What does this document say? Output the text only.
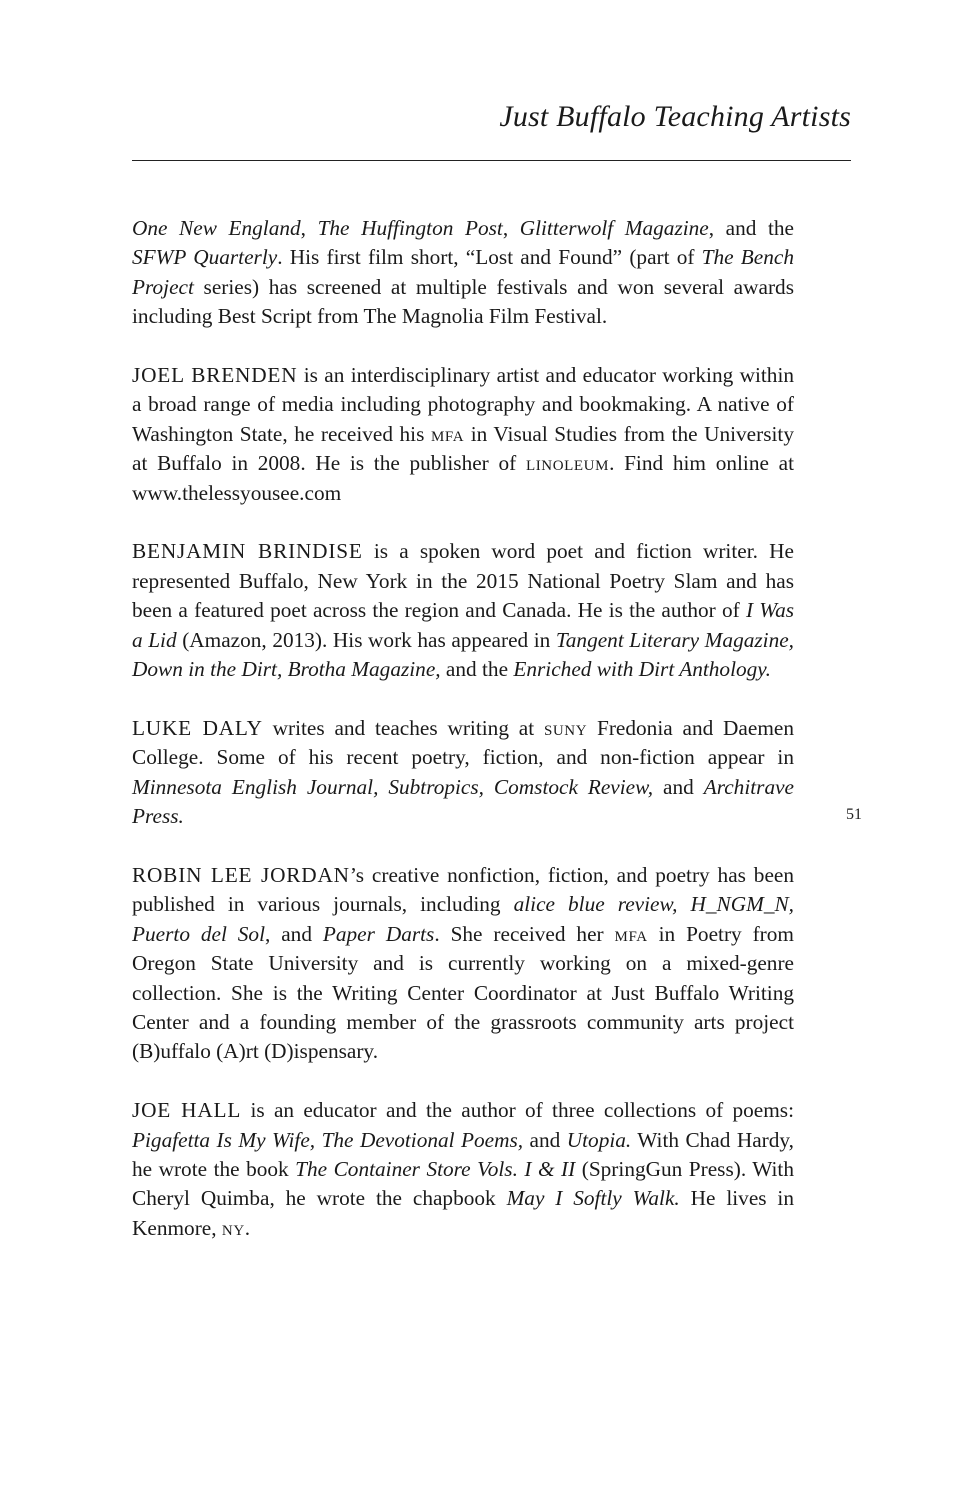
Just Buffalo Teaching Artists

One New England, The Huffington Post, Glitterwolf Magazine, and the SFWP Quarterly. His first film short, “Lost and Found” (part of The Bench Project series) has screened at multiple festivals and won several awards including Best Script from The Magnolia Film Festival.

JOEL BRENDEN is an interdisciplinary artist and educator working within a broad range of media including photography and bookmaking. A native of Washington State, he received his mfa in Visual Studies from the University at Buffalo in 2008. He is the publisher of linoleum. Find him online at www.thelessyousee.com

BENJAMIN BRINDISE is a spoken word poet and fiction writer. He represented Buffalo, New York in the 2015 National Poetry Slam and has been a featured poet across the region and Canada. He is the author of I Was a Lid (Amazon, 2013). His work has appeared in Tangent Literary Magazine, Down in the Dirt, Brotha Magazine, and the Enriched with Dirt Anthology.

LUKE DALY writes and teaches writing at suny Fredonia and Daemen College. Some of his recent poetry, fiction, and non-fiction appear in Minnesota English Journal, Subtropics, Comstock Review, and Architrave Press.

ROBIN LEE JORDAN’s creative nonfiction, fiction, and poetry has been published in various journals, including alice blue review, H_NGM_N, Puerto del Sol, and Paper Darts. She received her mfa in Poetry from Oregon State University and is currently working on a mixed-genre collection. She is the Writing Center Coordinator at Just Buffalo Writing Center and a founding member of the grassroots community arts project (B)uffalo (A)rt (D)ispensary.

JOE HALL is an educator and the author of three collections of poems: Pigafetta Is My Wife, The Devotional Poems, and Utopia. With Chad Hardy, he wrote the book The Container Store Vols. I & II (SpringGun Press). With Cheryl Quimba, he wrote the chapbook May I Softly Walk. He lives in Kenmore, ny.

51
